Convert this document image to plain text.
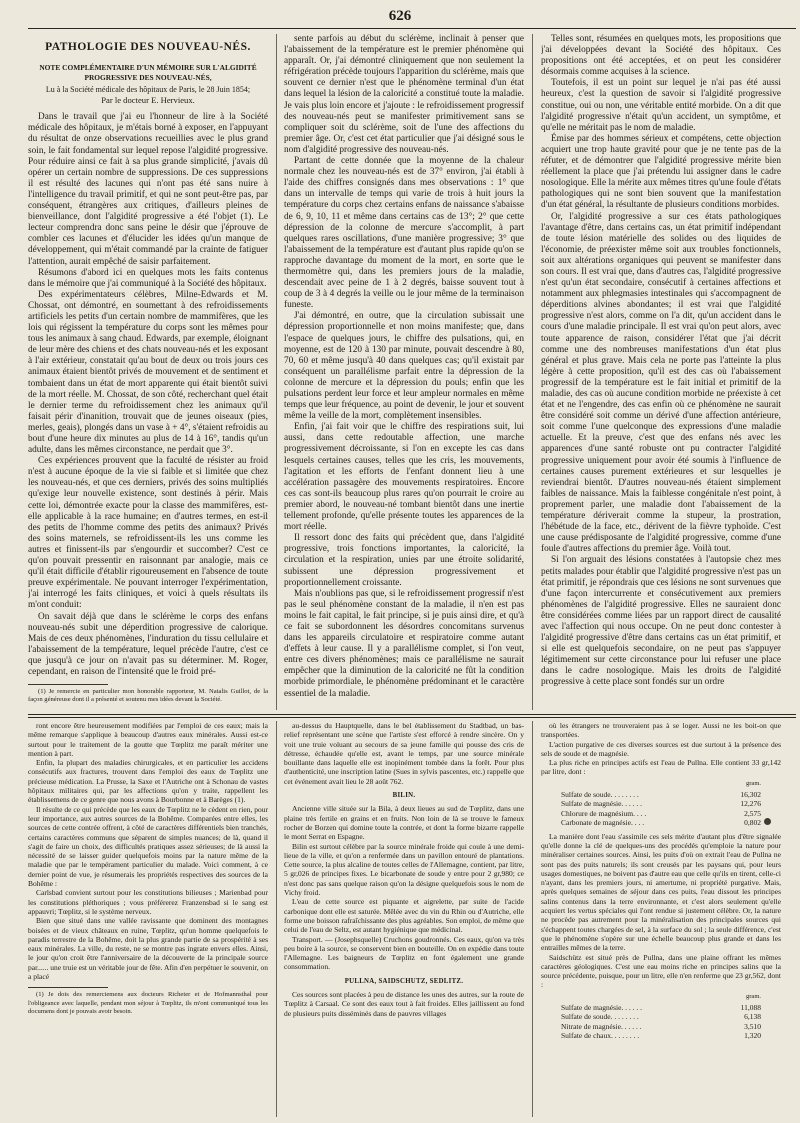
626
PATHOLOGIE DES NOUVEAU-NÉS.
NOTE COMPLÉMENTAIRE D'UN MÉMOIRE SUR L'ALGIDITÉ PROGRESSIVE DES NOUVEAU-NÉS,
Lu à la Société médicale des hôpitaux de Paris, le 28 Juin 1854;
Par le docteur E. Hervieux.

Dans le travail que j'ai eu l'honneur de lire à la Société médicale des hôpitaux, je m'étais borné à exposer, en l'appuyant du résultat de onze observations recueillies avec le plus grand soin, le fait fondamental sur lequel repose l'algidité progressive. Pour réduire ainsi ce fait à sa plus grande simplicité, j'avais dû opérer un certain nombre de suppressions. De ces suppressions il est résulté des lacunes qui n'ont pas été sans nuire à l'intelligence du travail primitif, et qui ne sont peut-être pas, par conséquent, étrangères aux critiques, d'ailleurs pleines de bienveillance, dont l'algidité progressive a été l'objet (1). Le lecteur comprendra donc sans peine le désir que j'éprouve de combler ces lacunes et d'élucider les idées qu'un manque de développement, qui m'était commandé par la crainte de fatiguer l'attention, aurait empêché de saisir parfaitement.

Résumons d'abord ici en quelques mots les faits contenus dans le mémoire que j'ai communiqué à la Société des hôpitaux.

Des expérimentateurs célèbres, Milne-Edwards et M. Chossat, ont démontré, en soumettant à des refroidissements artificiels les petits d'un certain nombre de mammifères, que les lois qui régissent la température du corps sont les mêmes pour tous les animaux à sang chaud. Edwards, par exemple, éloignant de leur mère des chiens et des chats nouveau-nés et les exposant à l'air extérieur, constatait qu'au bout de deux ou trois jours ces animaux étaient bientôt privés de mouvement et de sentiment et tombaient dans un état de mort apparente qui était bientôt suivi de la mort réelle. M. Chossat, de son côté, recherchant quel était le dernier terme du refroidissement chez les animaux qu'il faisait périr d'inanition, trouvait que de jeunes oiseaux (pies, merles, geais), plongés dans un vase à + 4°, s'étaient refroidis au bout d'une heure dix minutes au plus de 14 à 16°, tandis qu'un adulte, dans les mêmes circonstance, ne perdait que 3°.

Ces expériences prouvent que la faculté de résister au froid n'est à aucune époque de la vie si faible et si limitée que chez les nouveau-nés, et que ces derniers, privés des soins multipliés qu'exige leur nouvelle existence, sont destinés à périr. Mais cette loi, démontrée exacte pour la classe des mammifères, est-elle applicable à la race humaine; en d'autres termes, en est-il des petits de l'homme comme des petits des animaux? Privés des soins maternels, se refroidissent-ils les uns comme les autres et finissent-ils par s'engourdir et succomber? C'est ce qu'on pouvait pressentir en raisonnant par analogie, mais ce qu'il était difficile d'établir rigoureusement en l'absence de toute preuve expérimentale. Ne pouvant interroger l'expérimentation, j'ai interrogé les faits cliniques, et voici à quels résultats ils m'ont conduit:

On savait déjà que dans le sclérème le corps des enfans nouveau-nés subit une déperdition progressive de calorique. Mais de ces deux phénomènes, l'induration du tissu cellulaire et l'abaissement de la température, lequel précède l'autre, c'est ce que jusqu'à ce jour on n'avait pas su déterminer. M. Roger, cependant, en raison de l'intensité que le froid pré-

(1) Je remercie en particulier mon honorable rapporteur, M. Natalis Guillot, de la façon généreuse dont il a présenté et soutenu mes idées devant la Société.

sente parfois au début du sclérème, inclinait à penser que l'abaissement de la température est le premier phénomène qui apparaît. Or, j'ai démontré cliniquement que non seulement la réfrigération précède toujours l'apparition du sclérème, mais que souvent ce dernier n'est que le phénomène terminal d'un état dans lequel la lésion de la caloricité a constitué toute la maladie. Je vais plus loin encore et j'ajoute : le refroidissement progressif des nouveau-nés peut se manifester primitivement sans se compliquer soit du sclérème, soit de l'une des affections du premier âge. Or, c'est cet état particulier que j'ai désigné sous le nom d'algidité progressive des nouveau-nés.

Partant de cette donnée que la moyenne de la chaleur normale chez les nouveau-nés est de 37° environ, j'ai établi à l'aide des chiffres consignés dans mes observations : 1° que dans un intervalle de temps qui varie de trois à huit jours la température du corps chez certains enfans de naissance s'abaisse de 6, 9, 10, 11 et même dans certains cas de 13°; 2° que cette dépression de la colonne de mercure s'accomplit, à part quelques rares oscillations, d'une manière progressive; 3° que l'abaissement de la température est d'autant plus rapide qu'on se rapproche davantage du moment de la mort, en sorte que le thermomètre qui, dans les premiers jours de la maladie, descendait avec peine de 1 à 2 degrés, baisse souvent tout à coup de 3 à 4 degrés la veille ou le jour même de la terminaison funeste.

J'ai démontré, en outre, que la circulation subissait une dépression proportionnelle et non moins manifeste; que, dans l'espace de quelques jours, le chiffre des pulsations, qui, en moyenne, est de 120 à 130 par minute, pouvait descendre à 80, 70, 60 et même jusqu'à 40 dans quelques cas; qu'il existait par conséquent un parallélisme parfait entre la dépression de la colonne de mercure et la dépression du pouls; enfin que les pulsations perdent leur force et leur ampleur normales en même temps que leur fréquence, au point de devenir, le jour et souvent même la veille de la mort, complètement insensibles.

Enfin, j'ai fait voir que le chiffre des respirations suit, lui aussi, dans cette redoutable affection, une marche progressivement décroissante, si l'on en excepte les cas dans lesquels certaines causes, telles que les cris, les mouvements, l'agitation et les efforts de l'enfant donnent lieu à une accélération passagère des mouvements respiratoires. Encore ces cas sont-ils beaucoup plus rares qu'on pourrait le croire au premier abord, le nouveau-né tombant bientôt dans une inertie tellement profonde, qu'elle présente toutes les apparences de la mort réelle.

Il ressort donc des faits qui précèdent que, dans l'algidité progressive, trois fonctions importantes, la caloricité, la circulation et la respiration, unies par une étroite solidarité, subissent une dépression progressivement et proportionnellement croissante.

Mais n'oublions pas que, si le refroidissement progressif n'est pas le seul phénomène constant de la maladie, il n'en est pas moins le fait capital, le fait principe, si je puis ainsi dire, et qu'à ce fait se subordonnent les désordres concomitans survenus dans les appareils circulatoire et respiratoire comme autant d'effets à leur cause. Il y a parallélisme complet, si l'on veut, entre ces divers phénomènes; mais ce parallélisme ne saurait empêcher que la diminution de la caloricité ne fût la condition morbide primordiale, le phénomène prédominant et le caractère essentiel de la maladie.

Telles sont, résumées en quelques mots, les propositions que j'ai développées devant la Société des hôpitaux. Ces propositions ont été acceptées, et on peut les considérer désormais comme acquises à la science.

Toutefois, il est un point sur lequel je n'ai pas été aussi heureux, c'est la question de savoir si l'algidité progressive constitue, oui ou non, une véritable entité morbide. On a dit que l'algidité progressive n'était qu'un accident, un symptôme, et qu'elle ne méritait pas le nom de maladie.

Émise par des hommes sérieux et compétens, cette objection acquiert une trop haute gravité pour que je ne tente pas de la réfuter, et de démontrer que l'algidité progressive mérite bien réellement la place que j'ai prétendu lui assigner dans le cadre nosologique. Elle la mérite aux mêmes titres qu'une foule d'états pathologiques qui ne sont bien souvent que la manifestation d'un état général, la résultante de plusieurs conditions morbides.

Or, l'algidité progressive a sur ces états pathologiques l'avantage d'être, dans certains cas, un état primitif indépendant de toute lésion matérielle des solides ou des liquides de l'économie, de préexister même soit aux troubles fonctionnels, soit aux altérations organiques qui peuvent se manifester dans son cours. Il est vrai que, dans d'autres cas, l'algidité progressive n'est qu'un état secondaire, consécutif à certaines affections et notamment aux phlegmasies intestinales qui s'accompagnent de déperditions alvines abondantes; il est vrai que l'algidité progressive n'est alors, comme on l'a dit, qu'un accident dans le cours d'une maladie principale. Il est vrai qu'on peut alors, avec toute apparence de raison, considérer l'état que j'ai décrit comme une des nombreuses manifestations d'un état plus général et plus grave. Mais cela ne porte pas l'atteinte la plus légère à cette proposition, qu'il est des cas où l'abaissement progressif de la température est le fait initial et primitif de la maladie, des cas où aucune condition morbide ne préexiste à cet état et ne l'engendre, des cas enfin où ce phénomène ne saurait être considéré soit comme un dérivé d'une affection antérieure, soit comme l'une quelconque des expressions d'une maladie actuelle. Et la preuve, c'est que des enfans nés avec les apparences d'une santé robuste ont pu contracter l'algidité progressive uniquement pour avoir été soumis à l'influence de certaines causes purement extérieures et sur lesquelles je reviendrai bientôt. D'autres nouveau-nés étaient simplement faibles de naissance. Mais la faiblesse congénitale n'est point, à proprement parler, une maladie dont l'abaissement de la température dériverait comme la stupeur, la prostration, l'hébétude de la face, etc., dérivent de la fièvre typhoïde. C'est une cause prédisposante de l'algidité progressive, comme d'une foule d'autres affections du premier âge. Voilà tout.

Si l'on arguait des lésions constatées à l'autopsie chez mes petits malades pour établir que l'algidité progressive n'est pas un état primitif, je répondrais que ces lésions ne sont survenues que d'une façon intercurrente et consécutivement aux premiers phénomènes de l'algidité progressive. Elles ne sauraient donc être considérées comme liées par un rapport direct de causalité avec l'affection qui nous occupe. On ne peut donc contester à l'algidité progressive d'être dans certains cas un état primitif, et si elle est quelquefois secondaire, on ne peut pas s'appuyer légitimement sur cette circonstance pour lui refuser une place dans le cadre nosologique. Mais les droits de l'algidité progressive à cette place sont fondés sur un ordre

ront encore être heureusement modifiées par l'emploi de ces eaux; mais la même remarque s'applique à beaucoup d'autres eaux minérales. Aussi est-ce surtout pour le traitement de la goutte que Tœplitz me paraît mériter une mention à part.

Enfin, la plupart des maladies chirurgicales, et en particulier les accidens consécutifs aux fractures, trouvent dans l'emploi des eaux de Tœplitz une précieuse médication. La Prusse, la Saxe et l'Autriche ont à Schonau de vastes hôpitaux militaires qui, par les affections qu'on y traite, rappellent les établissemens de ce genre que nous avons à Bourbonne et à Barèges (1).

Il résulte de ce qui précède que les eaux de Tœplitz ne le cèdent en rien, pour leur importance, aux autres sources de la Bohême. Comparées entre elles, les sources de cette contrée offrent, à côté de caractères différentiels bien tranchés, certains caractères communs que séparent de simples nuances; de là, quand il s'agit de faire un choix, des difficultés pratiques assez sérieuses; de là aussi la nécessité de se laisser guider quelquefois moins par la nature même de la maladie que par le tempérament particulier du malade. Voici comment, à ce dernier point de vue, je résumerais les propriétés respectives des sources de la Bohême :

Carlsbad convient surtout pour les constitutions bilieuses ; Marienbad pour les constitutions pléthoriques ; vous préférerez Franzensbad si le sang est appauvri; Tœplitz, si le système nerveux.

Bien que situé dans une vallée ravissante que dominent des montagnes boisées et de vieux châteaux en ruine, Tœplitz, qu'un homme quelquefois le paradis terrestre de la Bohême, doit la plus grande partie de sa prospérité à ses eaux minérales. La ville, du reste, ne se montre pas ingrate envers elles. Ainsi, le jour qu'on croit être l'anniversaire de la découverte de la principale source par...... une truie est un véritable jour de fête. Afin d'en perpétuer le souvenir, on a placé

(1) Je dois des remerciemens aux docteurs Richeter et de Hofmannsthal pour l'obligeance avec laquelle, pendant mon séjour à Tœplitz, ils m'ont communiqué tous les documens dont je pouvais avoir besoin.

au-dessus du Hauptquelle, dans le bel établissement du Stadtbad, un bas-relief représentant une scène que l'artiste s'est efforcé à rendre sincère. On y voit une truie voluant au secours de sa jeune famille qui pousse des cris de détresse, échaudée qu'elle est, avant le temps, par une source minérale bouillante dans laquelle elle est inopinément tombée dans la forêt. Pour plus d'authenticité, une inscription latine (Sues in sylvis pascentes, etc.) rappelle que cet événement avait lieu le 28 août 762.

BILIN.

Ancienne ville située sur la Bila, à deux lieues au sud de Tœplitz, dans une plaine très fertile en grains et en fruits. Non loin de là se trouve le fameux rocher de Borzen qui domine toute la contrée, et dont la forme bizarre rappelle le mont Serrat en Espagne.

Bilin est surtout célèbre par la source minérale froide qui coule à une demi-lieue de la ville, et qu'on a renfermée dans un pavillon entouré de plantations. Cette source, la plus alcaline de toutes celles de l'Allemagne, contient, par litre, 5 gr,026 de principes fixes. Le bicarbonate de soude y entre pour 2 gr,980; ce n'est donc pas sans quelque raison qu'on la désigne quelquefois sous le nom de Vichy froid.

L'eau de cette source est piquante et aigrelette, par suite de l'acide carbonique dont elle est saturée. Mêlée avec du vin du Rhin ou d'Autriche, elle forme une boisson rafraîchissante des plus agréables. Son emploi, de même que celui de l'eau de Seltz, est autant hygiénique que médicinal.

Transport. — (Josephsquelle) Cruchons goudronnés. Ces eaux, qu'on va très peu boire à la source, se conservent bien en bouteille. On en expédie dans toute l'Allemagne. Les baigneurs de Tœplitz en font également une grande consommation.

PULLNA, SAIDSCHUTZ, SEDLITZ.

Ces sources sont placées à peu de distance les unes des autres, sur la route de Tœplitz à Carsaal. Ce sont des eaux tout à fait froides. Elles jaillissent au fond de plusieurs puits disséminés dans de pauvres villages

où les étrangers ne trouveraient pas à se loger. Aussi ne les boit-on que transportées.

L'action purgative de ces diverses sources est due surtout à la présence des sels de soude et de magnésie.

La plus riche en principes actifs est l'eau de Pullna. Elle contient 33 gr,142 par litre, dont :

gram.
Sulfate de soude. . . . . . . .	16,302
Sulfate de magnésie. . . . . .	12,276
Chlorure de magnésium. . . .	2,575
Carbonate de magnésie. . . .	0,802

La manière dont l'eau s'assimile ces sels mérite d'autant plus d'être signalée qu'elle donne la clé de quelques-uns des procédés qu'emploie la nature pour minéraliser certaines sources. Ainsi, les puits d'où on extrait l'eau de Pullna ne sont pas des puits naturels; ils sont creusés par les paysans qui, pour leurs usages domestiques, ne boivent pas d'autre eau que celle qu'ils en tirent, celle-ci n'ayant, dans les premiers jours, ni amertume, ni propriété purgative. Mais, après quelques semaines de séjour dans ces puits, l'eau dissout les principes salins contenus dans la terre environnante, et c'est alors seulement qu'elle acquiert les vertus spéciales qui l'ont rendue si justement célèbre. Or, la nature ne procède pas autrement pour la minéralisation des principales sources qui s'échappent toutes chargées de sel, à la surface du sol ; la seule différence, c'est que le phénomène s'opère sur une échelle beaucoup plus grande et dans les entrailles mêmes de la terre.

Saidschütz est situé près de Pullna, dans une plaine offrant les mêmes caractères géologiques. C'est une eau moins riche en principes salins que la source précédente, puisque, pour un litre, elle n'en renferme que 23 gr,562, dont :

gram.
Sulfate de magnésie. . . . . .	11,088
Sulfate de soude. . . . . . . .	6,138
Nitrate de magnésie. . . . . .	3,510
Sulfate de chaux. . . . . . . .	1,320
